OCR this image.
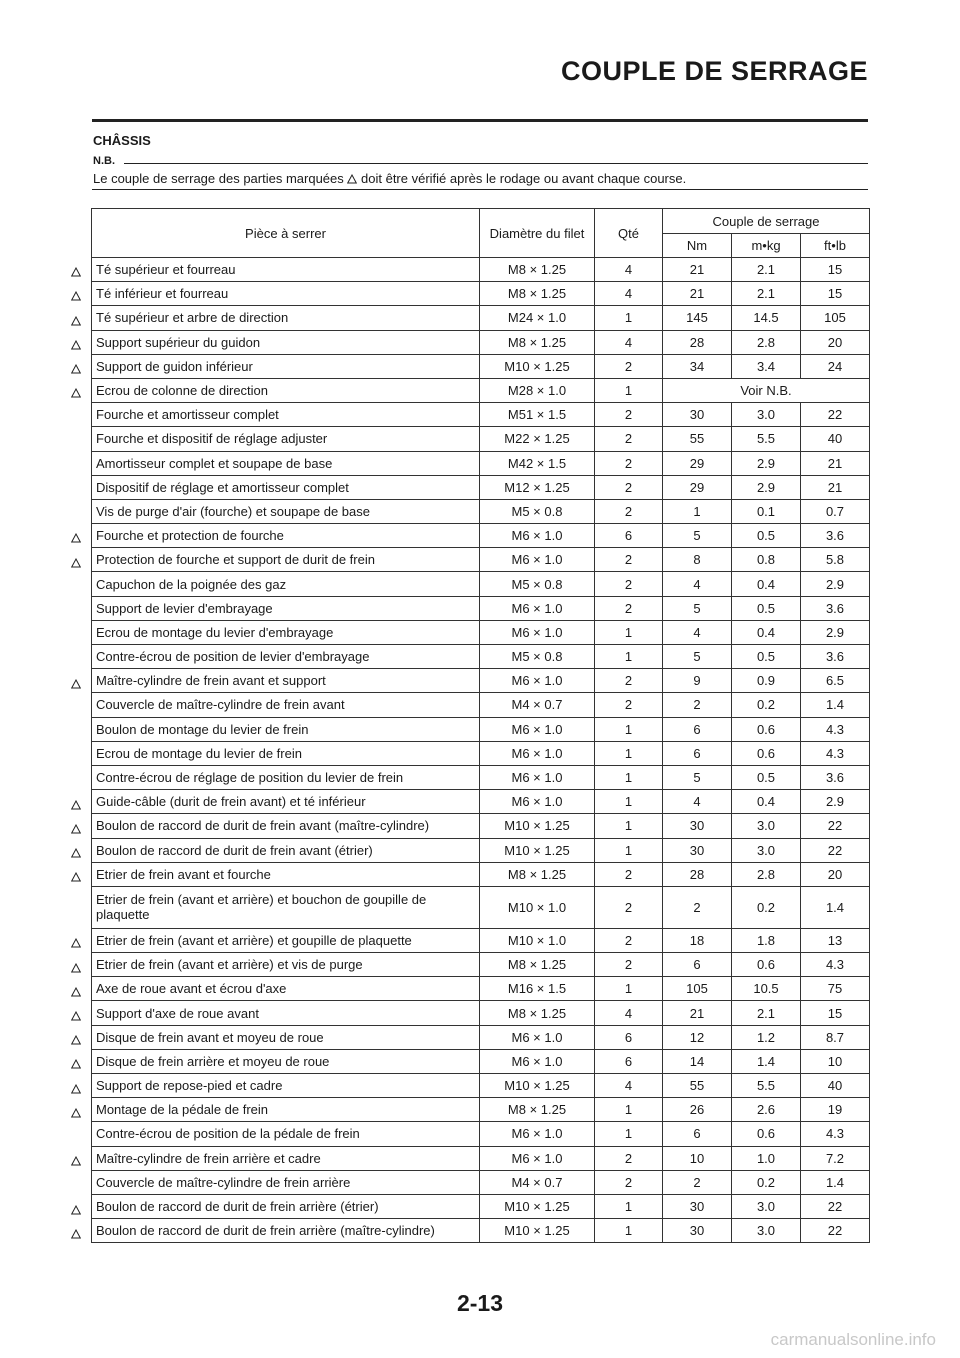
COUPLE DE SERRAGE
CHÂSSIS
N.B.
Le couple de serrage des parties marquées doit être vérifié après le rodage ou avant chaque course.
Pièce à serrer	Diamètre du filet	Qté	Couple de serrage		
			Nm	m•kg	ft•lb
Té supérieur et fourreau	M8 × 1.25	4	21	2.1	15
Té inférieur et fourreau	M8 × 1.25	4	21	2.1	15
Té supérieur et arbre de direction	M24 × 1.0	1	145	14.5	105
Support supérieur du guidon	M8 × 1.25	4	28	2.8	20
Support de guidon inférieur	M10 × 1.25	2	34	3.4	24
Ecrou de colonne de direction	M28 × 1.0	1	Voir N.B.		
Fourche et amortisseur complet	M51 × 1.5	2	30	3.0	22
Fourche et dispositif de réglage adjuster	M22 × 1.25	2	55	5.5	40
Amortisseur complet et soupape de base	M42 × 1.5	2	29	2.9	21
Dispositif de réglage et amortisseur complet	M12 × 1.25	2	29	2.9	21
Vis de purge d'air (fourche) et soupape de base	M5 × 0.8	2	1	0.1	0.7
Fourche et protection de fourche	M6 × 1.0	6	5	0.5	3.6
Protection de fourche et support de durit de frein	M6 × 1.0	2	8	0.8	5.8
Capuchon de la poignée des gaz	M5 × 0.8	2	4	0.4	2.9
Support de levier d'embrayage	M6 × 1.0	2	5	0.5	3.6
Ecrou de montage du levier d'embrayage	M6 × 1.0	1	4	0.4	2.9
Contre-écrou de position de levier d'embrayage	M5 × 0.8	1	5	0.5	3.6
Maître-cylindre de frein avant et support	M6 × 1.0	2	9	0.9	6.5
Couvercle de maître-cylindre de frein avant	M4 × 0.7	2	2	0.2	1.4
Boulon de montage du levier de frein	M6 × 1.0	1	6	0.6	4.3
Ecrou de montage du levier de frein	M6 × 1.0	1	6	0.6	4.3
Contre-écrou de réglage de position du levier de frein	M6 × 1.0	1	5	0.5	3.6
Guide-câble (durit de frein avant) et té inférieur	M6 × 1.0	1	4	0.4	2.9
Boulon de raccord de durit de frein avant (maître-cylindre)	M10 × 1.25	1	30	3.0	22
Boulon de raccord de durit de frein avant (étrier)	M10 × 1.25	1	30	3.0	22
Etrier de frein avant et fourche	M8 × 1.25	2	28	2.8	20
Etrier de frein (avant et arrière) et bouchon de goupille de plaquette	M10 × 1.0	2	2	0.2	1.4
Etrier de frein (avant et arrière) et goupille de plaquette	M10 × 1.0	2	18	1.8	13
Etrier de frein (avant et arrière) et vis de purge	M8 × 1.25	2	6	0.6	4.3
Axe de roue avant et écrou d'axe	M16 × 1.5	1	105	10.5	75
Support d'axe de roue avant	M8 × 1.25	4	21	2.1	15
Disque de frein avant et moyeu de roue	M6 × 1.0	6	12	1.2	8.7
Disque de frein arrière et moyeu de roue	M6 × 1.0	6	14	1.4	10
Support de repose-pied et cadre	M10 × 1.25	4	55	5.5	40
Montage de la pédale de frein	M8 × 1.25	1	26	2.6	19
Contre-écrou de position de la pédale de frein	M6 × 1.0	1	6	0.6	4.3
Maître-cylindre de frein arrière et cadre	M6 × 1.0	2	10	1.0	7.2
Couvercle de maître-cylindre de frein arrière	M4 × 0.7	2	2	0.2	1.4
Boulon de raccord de durit de frein arrière (étrier)	M10 × 1.25	1	30	3.0	22
Boulon de raccord de durit de frein arrière (maître-cylindre)	M10 × 1.25	1	30	3.0	22
2-13
carmanualsonline.info
